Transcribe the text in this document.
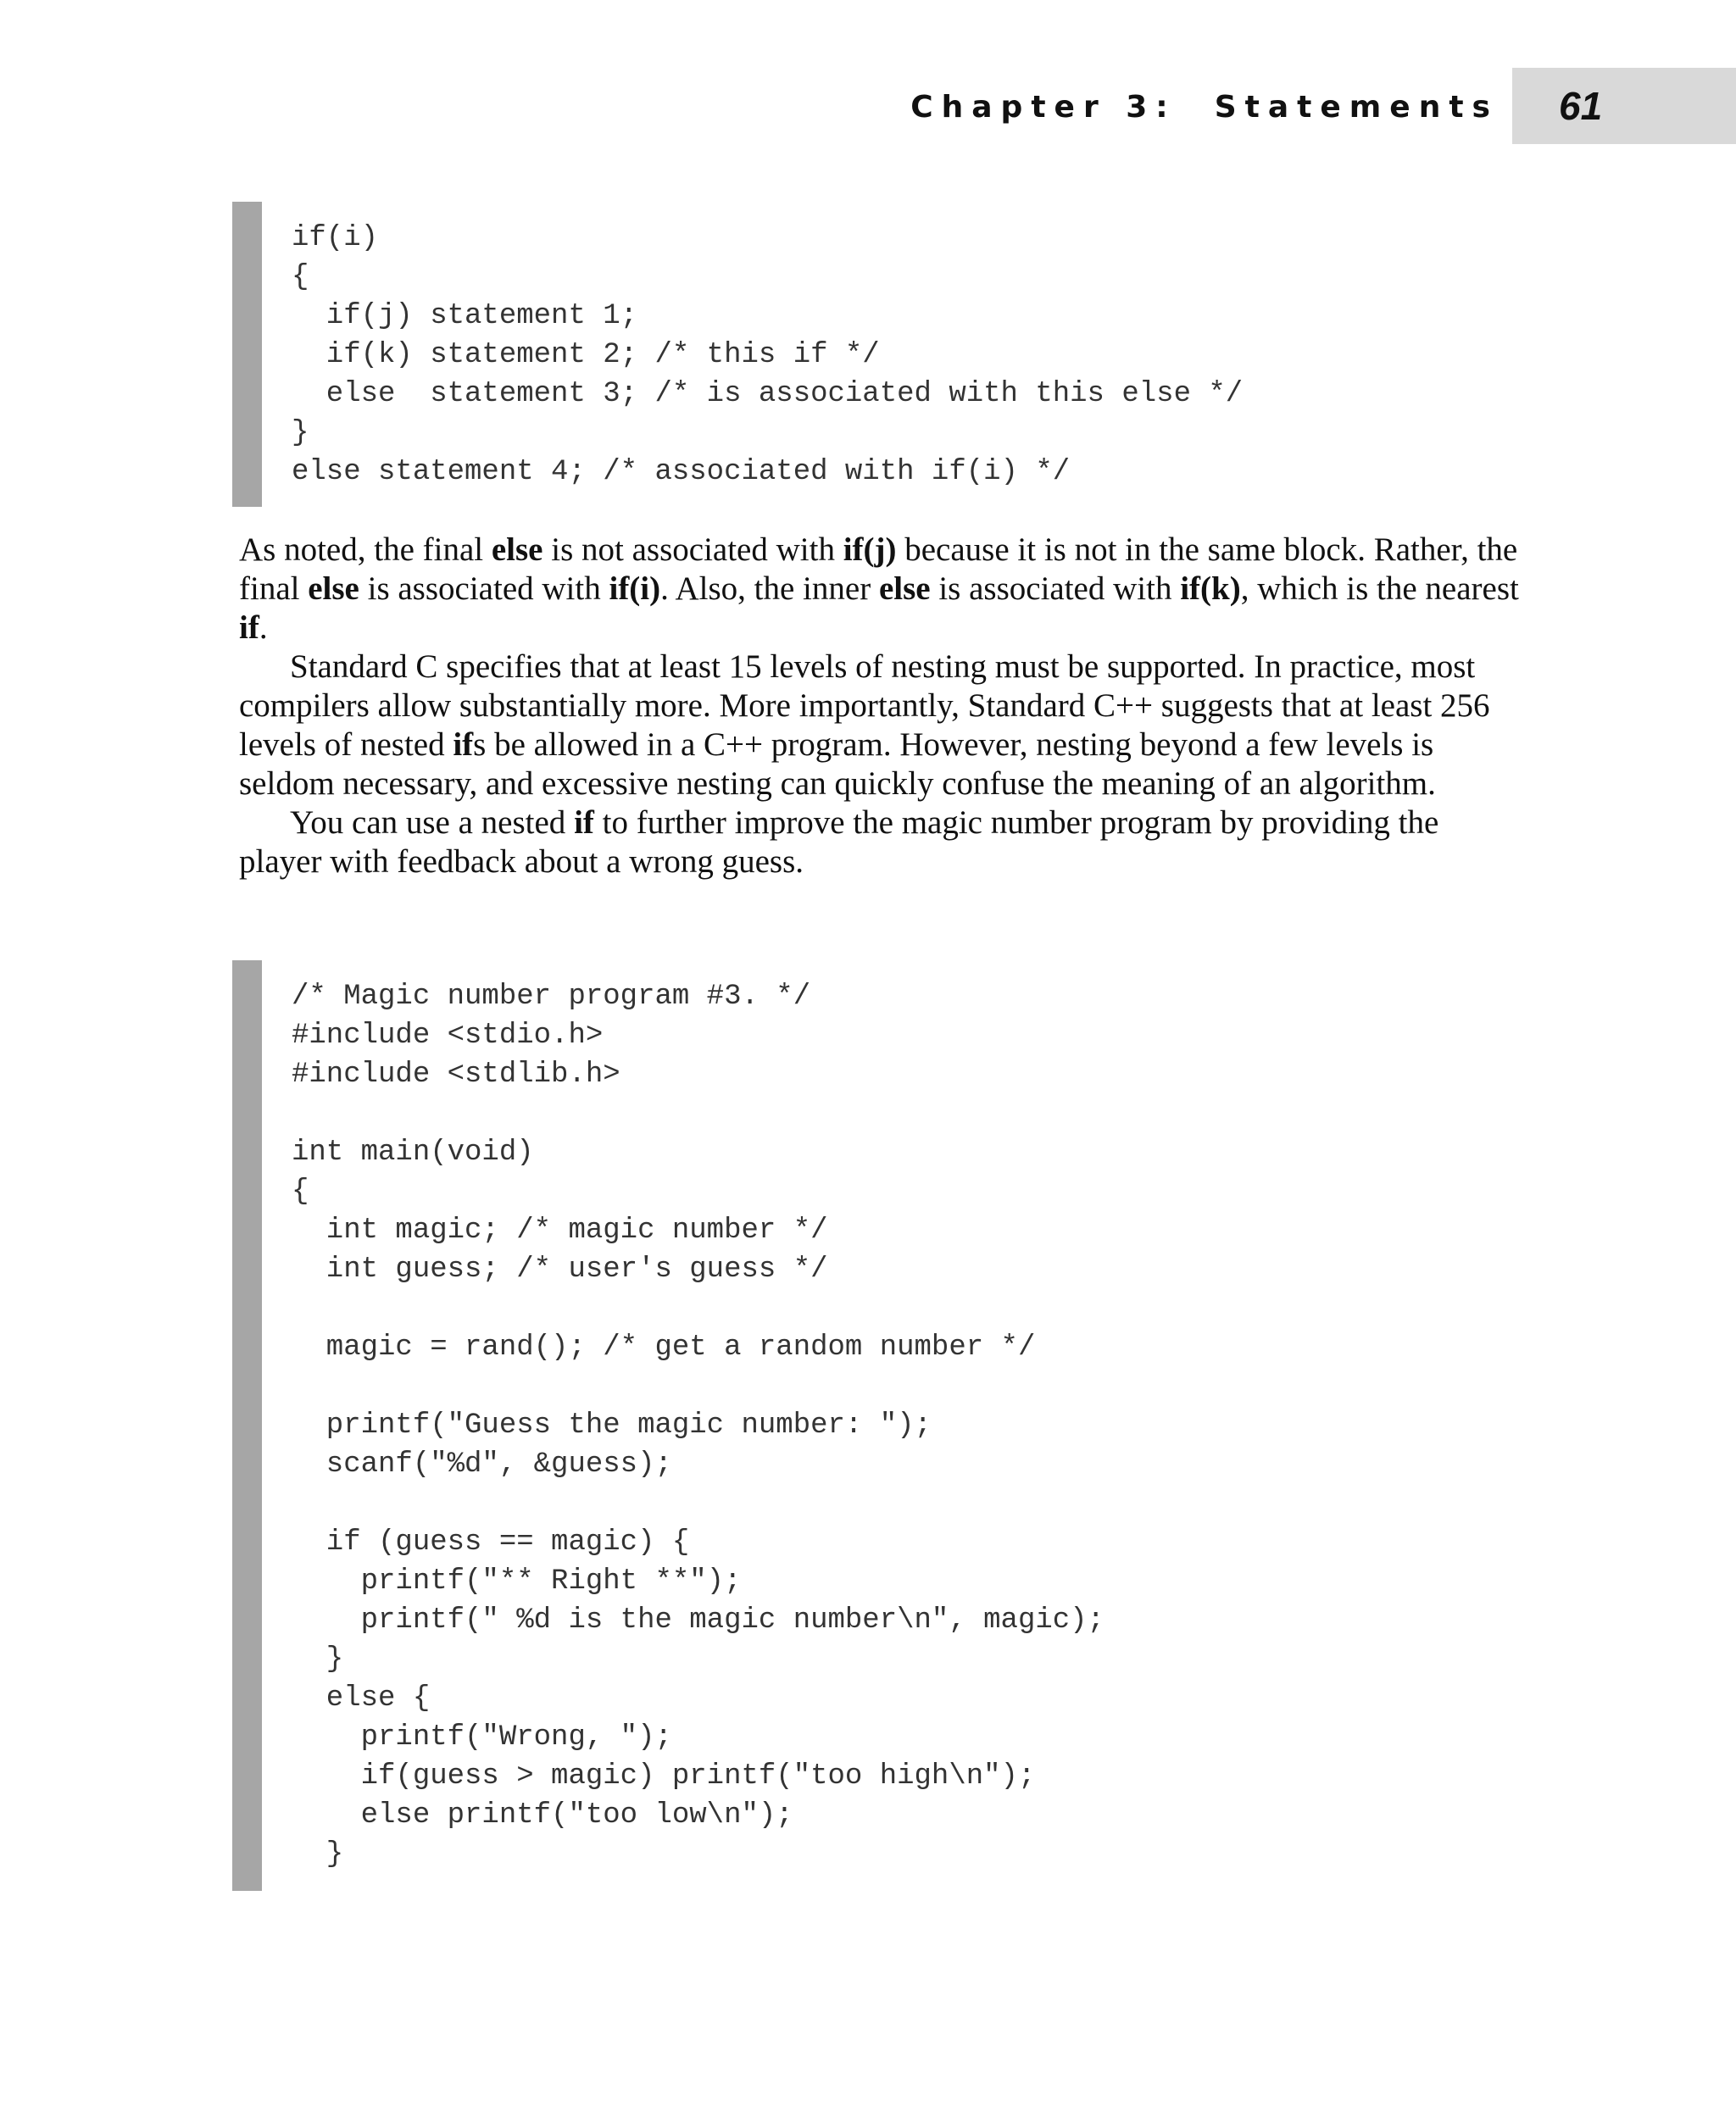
Chapter 3:  Statements 61
if(i)
{
if(j) statement 1;
if(k) statement 2; /* this if */
else  statement 3; /* is associated with this else */
}
else statement 4; /* associated with if(i) */

As noted, the final else is not associated with if(j) because it is not in the same block. Rather, the final else is associated with if(i). Also, the inner else is associated with if(k), which is the nearest if.

Standard C specifies that at least 15 levels of nesting must be supported. In practice, most compilers allow substantially more. More importantly, Standard C++ suggests that at least 256 levels of nested ifs be allowed in a C++ program. However, nesting beyond a few levels is seldom necessary, and excessive nesting can quickly confuse the meaning of an algorithm.

You can use a nested if to further improve the magic number program by providing the player with feedback about a wrong guess.

/* Magic number program #3. */
#include <stdio.h>
#include <stdlib.h>
int main(void)
{
int magic; /* magic number */
int guess; /* user's guess */
magic = rand(); /* get a random number */
printf("Guess the magic number: ");
scanf("%d", &guess);
if (guess == magic) {
printf("** Right **");
printf(" %d is the magic number\n", magic);
}
else {
printf("Wrong, ");
if(guess > magic) printf("too high\n");
else printf("too low\n");
}
